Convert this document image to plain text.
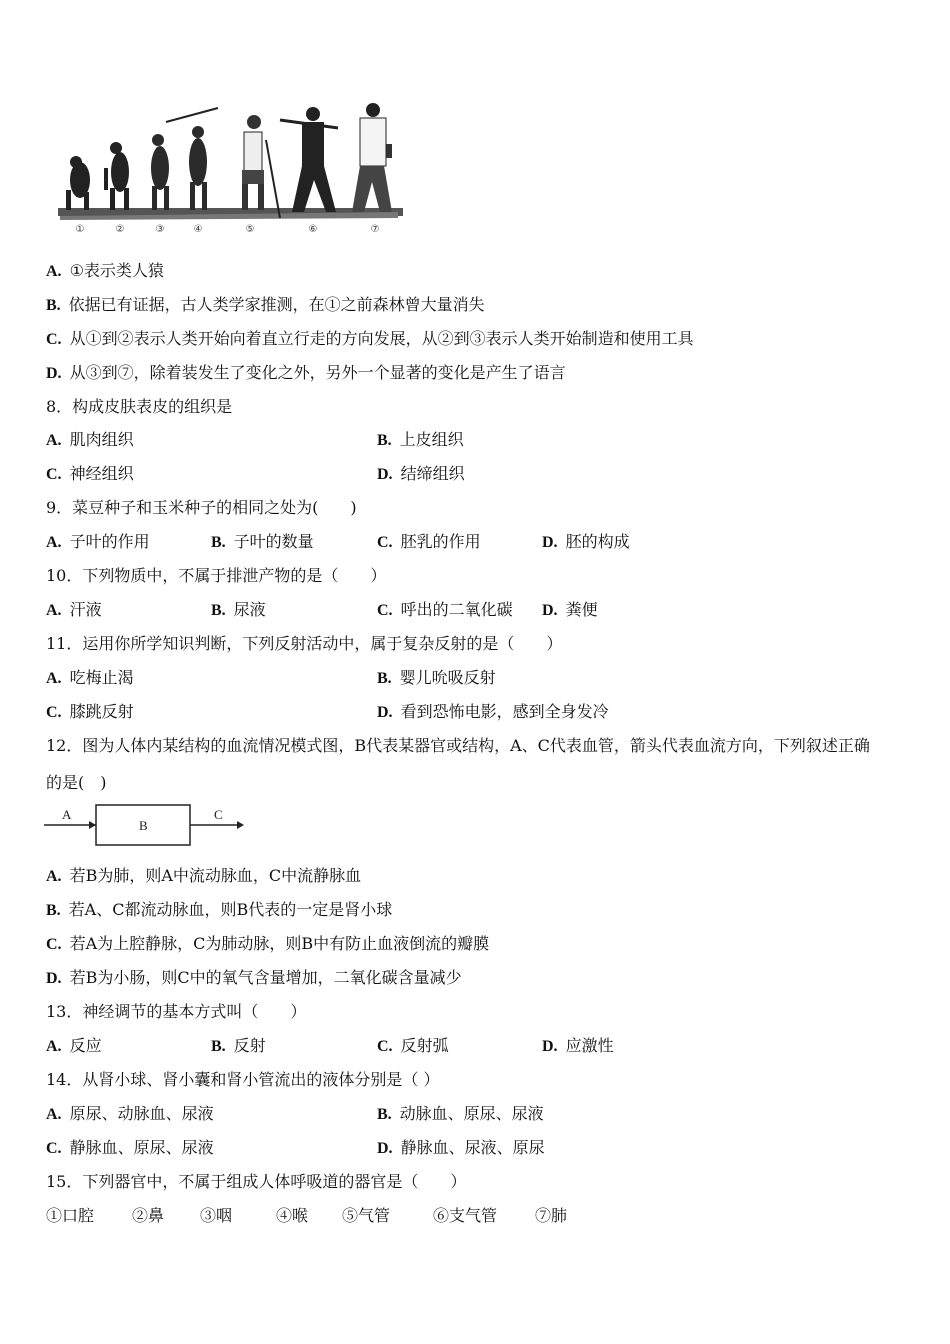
①	②	③	④	⑤	⑥	⑦
A. ①表示类人猿
B. 依据已有证据，古人类学家推测，在①之前森林曾大量消失
C. 从①到②表示人类开始向着直立行走的方向发展，从②到③表示人类开始制造和使用工具
D. 从③到⑦，除着装发生了变化之外，另外一个显著的变化是产生了语言
8．构成皮肤表皮的组织是
A. 肌肉组织	B. 上皮组织
C. 神经组织	D. 结缔组织
9．菜豆种子和玉米种子的相同之处为(　　)
A. 子叶的作用	B. 子叶的数量	C. 胚乳的作用	D. 胚的构成
10．下列物质中，不属于排泄产物的是（　　）
A. 汗液	B. 尿液	C. 呼出的二氧化碳 D. 粪便
11．运用你所学知识判断，下列反射活动中，属于复杂反射的是（　　）
A. 吃梅止渴	B. 婴儿吮吸反射
C. 膝跳反射	D. 看到恐怖电影，感到全身发冷
12．图为人体内某结构的血流情况模式图，B代表某器官或结构，A、C代表血管，箭头代表血流方向，下列叙述正确
的是(　)
A
B
C
A. 若B为肺，则A中流动脉血，C中流静脉血
B. 若A、C都流动脉血，则B代表的一定是肾小球
C. 若A为上腔静脉，C为肺动脉，则B中有防止血液倒流的瓣膜
D. 若B为小肠，则C中的氧气含量增加，二氧化碳含量减少
13．神经调节的基本方式叫（　　）
A. 反应	B. 反射	C. 反射弧	D. 应激性
14．从肾小球、肾小囊和肾小管流出的液体分别是（ ）
A. 原尿、动脉血、尿液	B. 动脉血、原尿、尿液
C. 静脉血、原尿、尿液	D. 静脉血、尿液、原尿
15．下列器官中，不属于组成人体呼吸道的器官是（　　）
①口腔 ②鼻 ③咽	④喉 ⑤气管	⑥支气管 ⑦肺
